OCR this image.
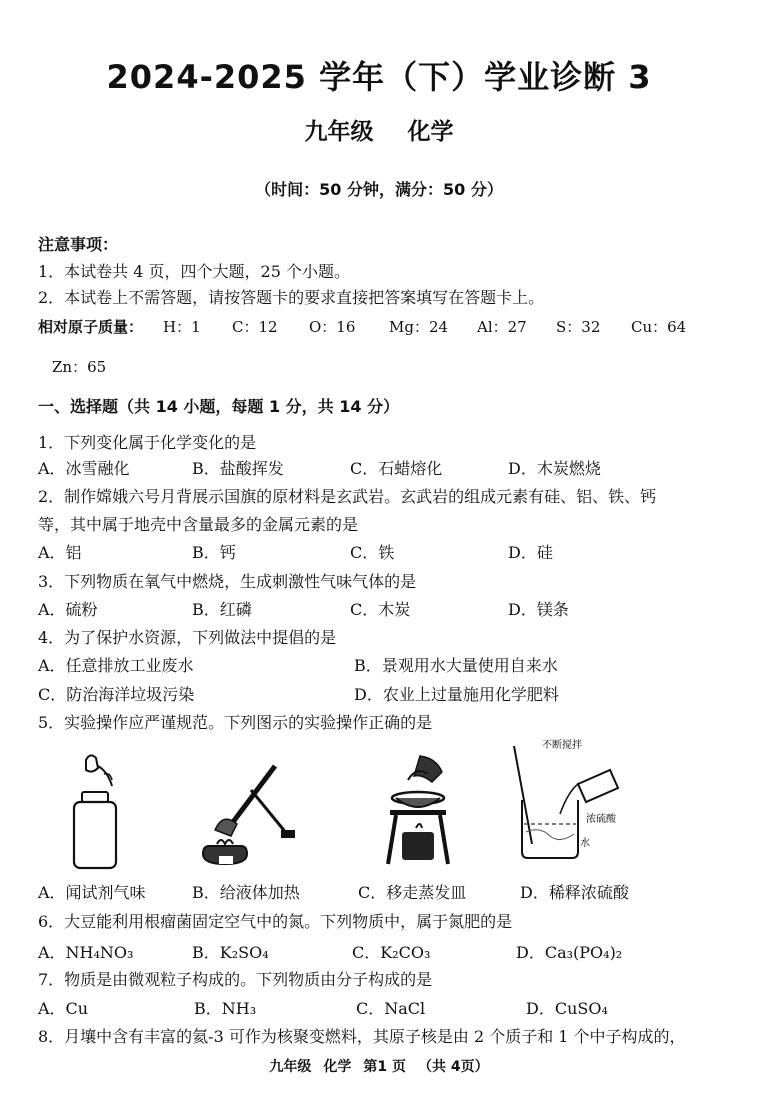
2024-2025 学年（下）学业诊断 3
九年级 化学
（时间：50 分钟，满分：50 分）
注意事项：
1．本试卷共 4 页，四个大题，25 个小题。
2．本试卷上不需答题，请按答题卡的要求直接把答案填写在答题卡上。
相对原子质量： H：1 C：12 O：16 Mg：24 Al：27 S：32 Cu：64
Zn：65
一、选择题（共 14 小题，每题 1 分，共 14 分）
1．下列变化属于化学变化的是
A．冰雪融化	B．盐酸挥发	C．石蜡熔化	D．木炭燃烧
2．制作嫦娥六号月背展示国旗的原材料是玄武岩。玄武岩的组成元素有硅、铝、铁、钙
等，其中属于地壳中含量最多的金属元素的是
A．铝	B．钙	C．铁	D．硅
3．下列物质在氧气中燃烧，生成刺激性气味气体的是
A．硫粉	B．红磷	C．木炭	D．镁条
4．为了保护水资源，下列做法中提倡的是
A．任意排放工业废水	B．景观用水大量使用自来水
C．防治海洋垃圾污染	D．农业上过量施用化学肥料
5．实验操作应严谨规范。下列图示的实验操作正确的是
不断搅拌
浓硫酸
水
A．闻试剂气味	B．给液体加热	C．移走蒸发皿	D．稀释浓硫酸
6．大豆能利用根瘤菌固定空气中的氮。下列物质中，属于氮肥的是
A．NH₄NO₃	B．K₂SO₄	C．K₂CO₃	D．Ca₃(PO₄)₂
7．物质是由微观粒子构成的。下列物质由分子构成的是
A．Cu	B．NH₃	C．NaCl	D．CuSO₄
8．月壤中含有丰富的氦-3 可作为核聚变燃料，其原子核是由 2 个质子和 1 个中子构成的，
九年级 化学 第1 页 （共 4页）
